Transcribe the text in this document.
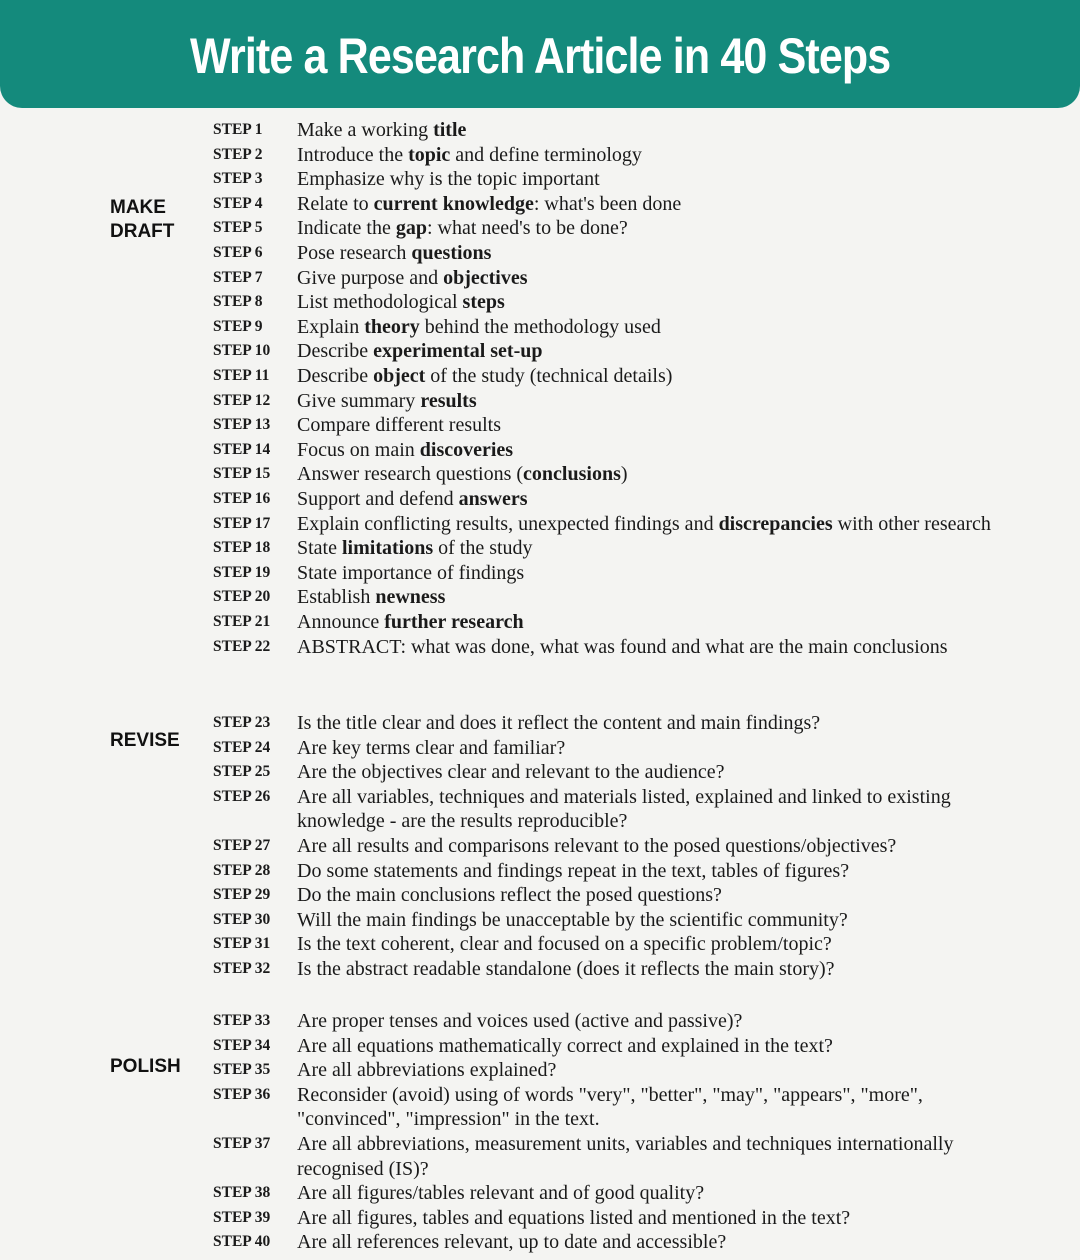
Write a Research Article in 40 Steps
MAKE
DRAFT
STEP 1 Make a working title
STEP 2 Introduce the topic and define terminology
STEP 3 Emphasize why is the topic important
STEP 4 Relate to current knowledge: what's been done
STEP 5 Indicate the gap: what need's to be done?
STEP 6 Pose research questions
STEP 7 Give purpose and objectives
STEP 8 List methodological steps
STEP 9 Explain theory behind the methodology used
STEP 10 Describe experimental set-up
STEP 11 Describe object of the study (technical details)
STEP 12 Give summary results
STEP 13 Compare different results
STEP 14 Focus on main discoveries
STEP 15 Answer research questions (conclusions)
STEP 16 Support and defend answers
STEP 17 Explain conflicting results, unexpected findings and discrepancies with other research
STEP 18 State limitations of the study
STEP 19 State importance of findings
STEP 20 Establish newness
STEP 21 Announce further research
STEP 22 ABSTRACT: what was done, what was found and what are the main conclusions
REVISE
STEP 23 Is the title clear and does it reflect the content and main findings?
STEP 24 Are key terms clear and familiar?
STEP 25 Are the objectives clear and relevant to the audience?
STEP 26 Are all variables, techniques and materials listed, explained and linked to existing knowledge - are the results reproducible?
STEP 27 Are all results and comparisons relevant to the posed questions/objectives?
STEP 28 Do some statements and findings repeat in the text, tables of figures?
STEP 29 Do the main conclusions reflect the posed questions?
STEP 30 Will the main findings be unacceptable by the scientific community?
STEP 31 Is the text coherent, clear and focused on a specific problem/topic?
STEP 32 Is the abstract readable standalone (does it reflects the main story)?
POLISH
STEP 33 Are proper tenses and voices used (active and passive)?
STEP 34 Are all equations mathematically correct and explained in the text?
STEP 35 Are all abbreviations explained?
STEP 36 Reconsider (avoid) using of words "very", "better", "may", "appears", "more", "convinced", "impression" in the text.
STEP 37 Are all abbreviations, measurement units, variables and techniques internationally recognised (IS)?
STEP 38 Are all figures/tables relevant and of good quality?
STEP 39 Are all figures, tables and equations listed and mentioned in the text?
STEP 40 Are all references relevant, up to date and accessible?
